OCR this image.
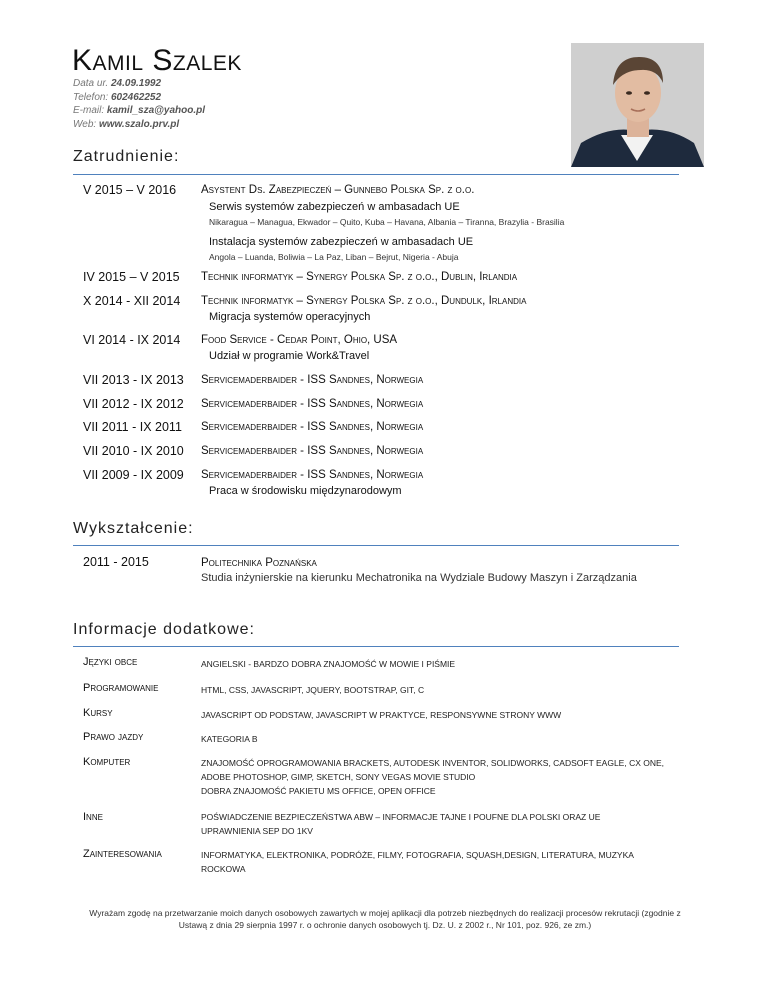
Kamil Szalek
Data ur. 24.09.1992
Telefon: 602462252
E-mail: kamil_sza@yahoo.pl
Web: www.szalo.prv.pl
Zatrudnienie:
V 2015 – V 2016 Asystent Ds. Zabezpieczeń – Gunnebo Polska Sp. z o.o.
Serwis systemów zabezpieczeń w ambasadach UE
Nikaragua – Managua, Ekwador – Quito, Kuba – Havana, Albania – Tiranna, Brazylia - Brasilia
Instalacja systemów zabezpieczeń w ambasadach UE
Angola – Luanda, Boliwia – La Paz, Liban – Bejrut, Nigeria - Abuja
IV 2015 – V 2015 Technik informatyk – Synergy Polska Sp. z o.o., Dublin, Irlandia
X 2014 - XII 2014 Technik informatyk – Synergy Polska Sp. z o.o., Dundulk, Irlandia
Migracja systemów operacyjnych
VI 2014 - IX 2014 Food Service - Cedar Point, Ohio, USA
Udział w programie Work&Travel
VII 2013 - IX 2013 Servicemaderbaider - ISS Sandnes, Norwegia
VII 2012 - IX 2012 Servicemaderbaider - ISS Sandnes, Norwegia
VII 2011 - IX 2011 Servicemaderbaider - ISS Sandnes, Norwegia
VII 2010 - IX 2010 Servicemaderbaider - ISS Sandnes, Norwegia
VII 2009 - IX 2009 Servicemaderbaider - ISS Sandnes, Norwegia
Praca w środowisku międzynarodowym
Wykształcenie:
2011 - 2015	Politechnika Poznańska
Studia inżynierskie na kierunku Mechatronika na Wydziale Budowy Maszyn i Zarządzania
Informacje dodatkowe:
Języki obce	ANGIELSKI - BARDZO DOBRA ZNAJOMOŚĆ W MOWIE I PIŚMIE
Programowanie	HTML, CSS, JAVASCRIPT, JQUERY, BOOTSTRAP, GIT, C
Kursy	JAVASCRIPT OD PODSTAW, JAVASCRIPT W PRAKTYCE, RESPONSYWNE STRONY WWW
Prawo jazdy	KATEGORIA B
Komputer	ZNAJOMOŚĆ OPROGRAMOWANIA BRACKETS, AUTODESK INVENTOR, SOLIDWORKS, CADSOFT EAGLE, CX ONE, ADOBE PHOTOSHOP, GIMP, SKETCH, SONY VEGAS MOVIE STUDIO
DOBRA ZNAJOMOŚĆ PAKIETU MS OFFICE, OPEN OFFICE
Inne	POŚWIADCZENIE BEZPIECZEŃSTWA ABW – INFORMACJE TAJNE I POUFNE DLA POLSKI ORAZ UE
UPRAWNIENIA SEP DO 1KV
Zainteresowania	INFORMATYKA, ELEKTRONIKA, PODRÓŻE, FILMY, FOTOGRAFIA, SQUASH,DESIGN, LITERATURA, MUZYKA ROCKOWA
Wyrażam zgodę na przetwarzanie moich danych osobowych zawartych w mojej aplikacji dla potrzeb niezbędnych do realizacji procesów rekrutacji (zgodnie z Ustawą z dnia 29 sierpnia 1997 r. o ochronie danych osobowych tj. Dz. U. z 2002 r., Nr 101, poz. 926, ze zm.)
